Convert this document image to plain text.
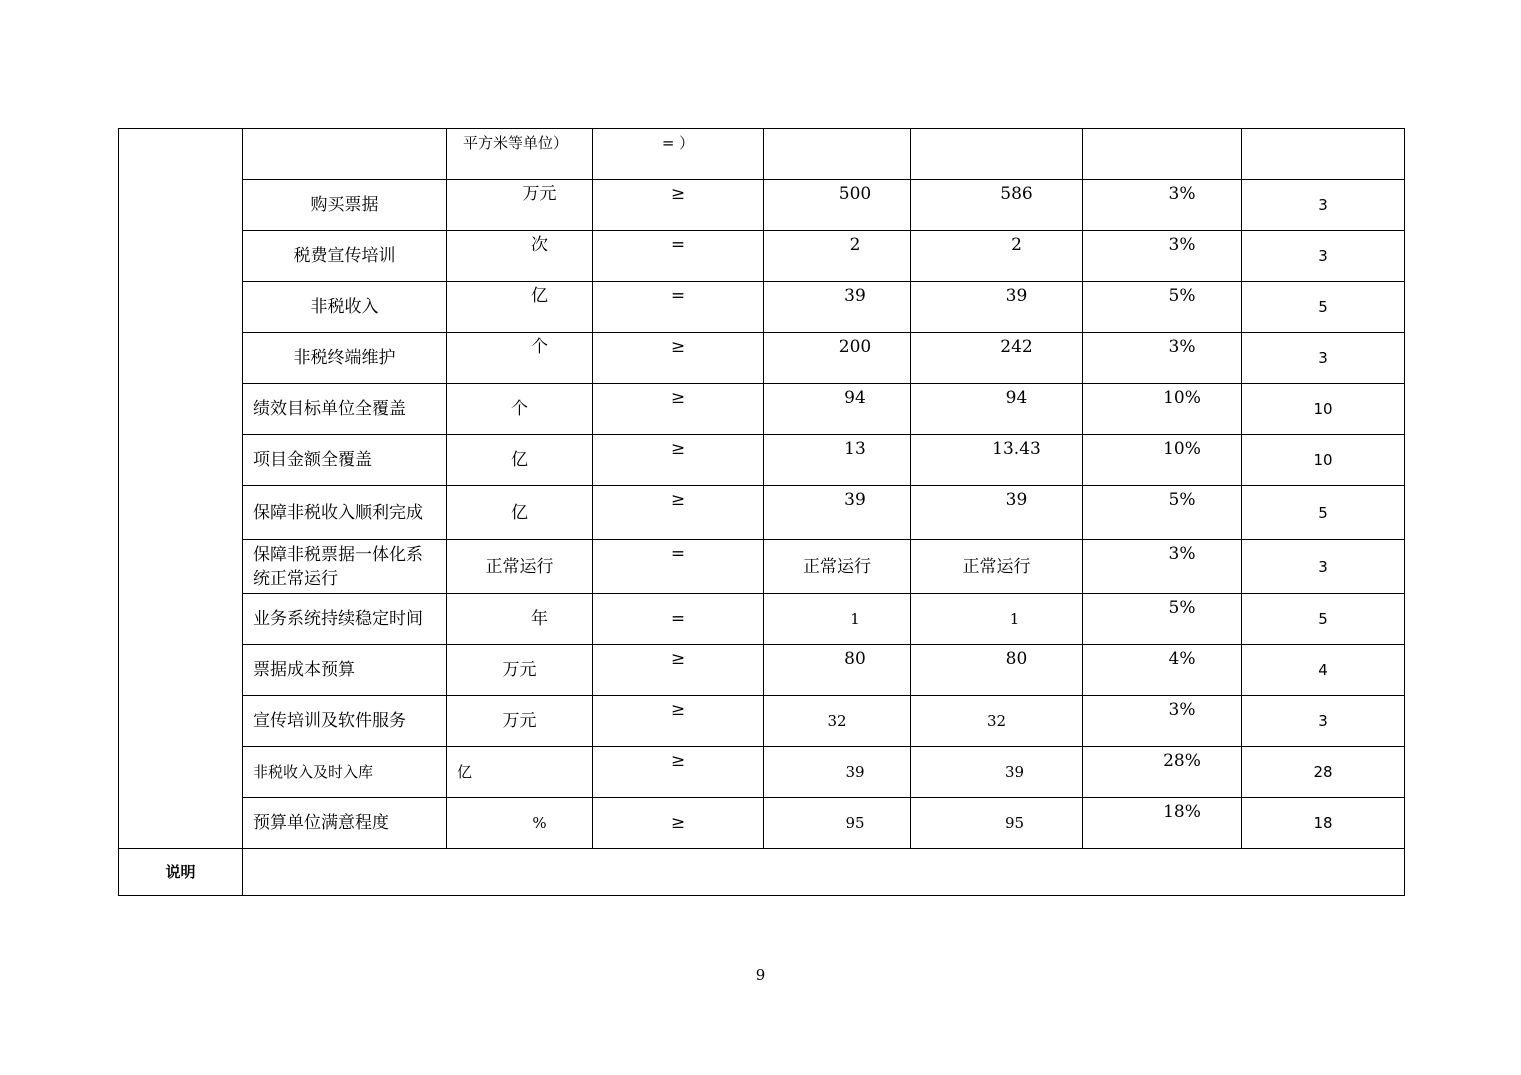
		平方米等单位）	= ）				
	购买票据	万元	≥	500	586	3%	3
	税费宣传培训	次	=	2	2	3%	3
	非税收入	亿	=	39	39	5%	5
	非税终端维护	个	≥	200	242	3%	3
	绩效目标单位全覆盖	个	≥	94	94	10%	10
	项目金额全覆盖	亿	≥	13	13.43	10%	10
	保障非税收入顺利完成	亿	≥	39	39	5%	5
	保障非税票据一体化系统正常运行	正常运行	=	正常运行	正常运行	3%	3
	业务系统持续稳定时间	年	=	1	1	5%	5
	票据成本预算	万元	≥	80	80	4%	4
	宣传培训及软件服务	万元	≥	32	32	3%	3
	非税收入及时入库	亿	≥	39	39	28%	28
	预算单位满意程度	%	≥	95	95	18%	18
说明							
9
